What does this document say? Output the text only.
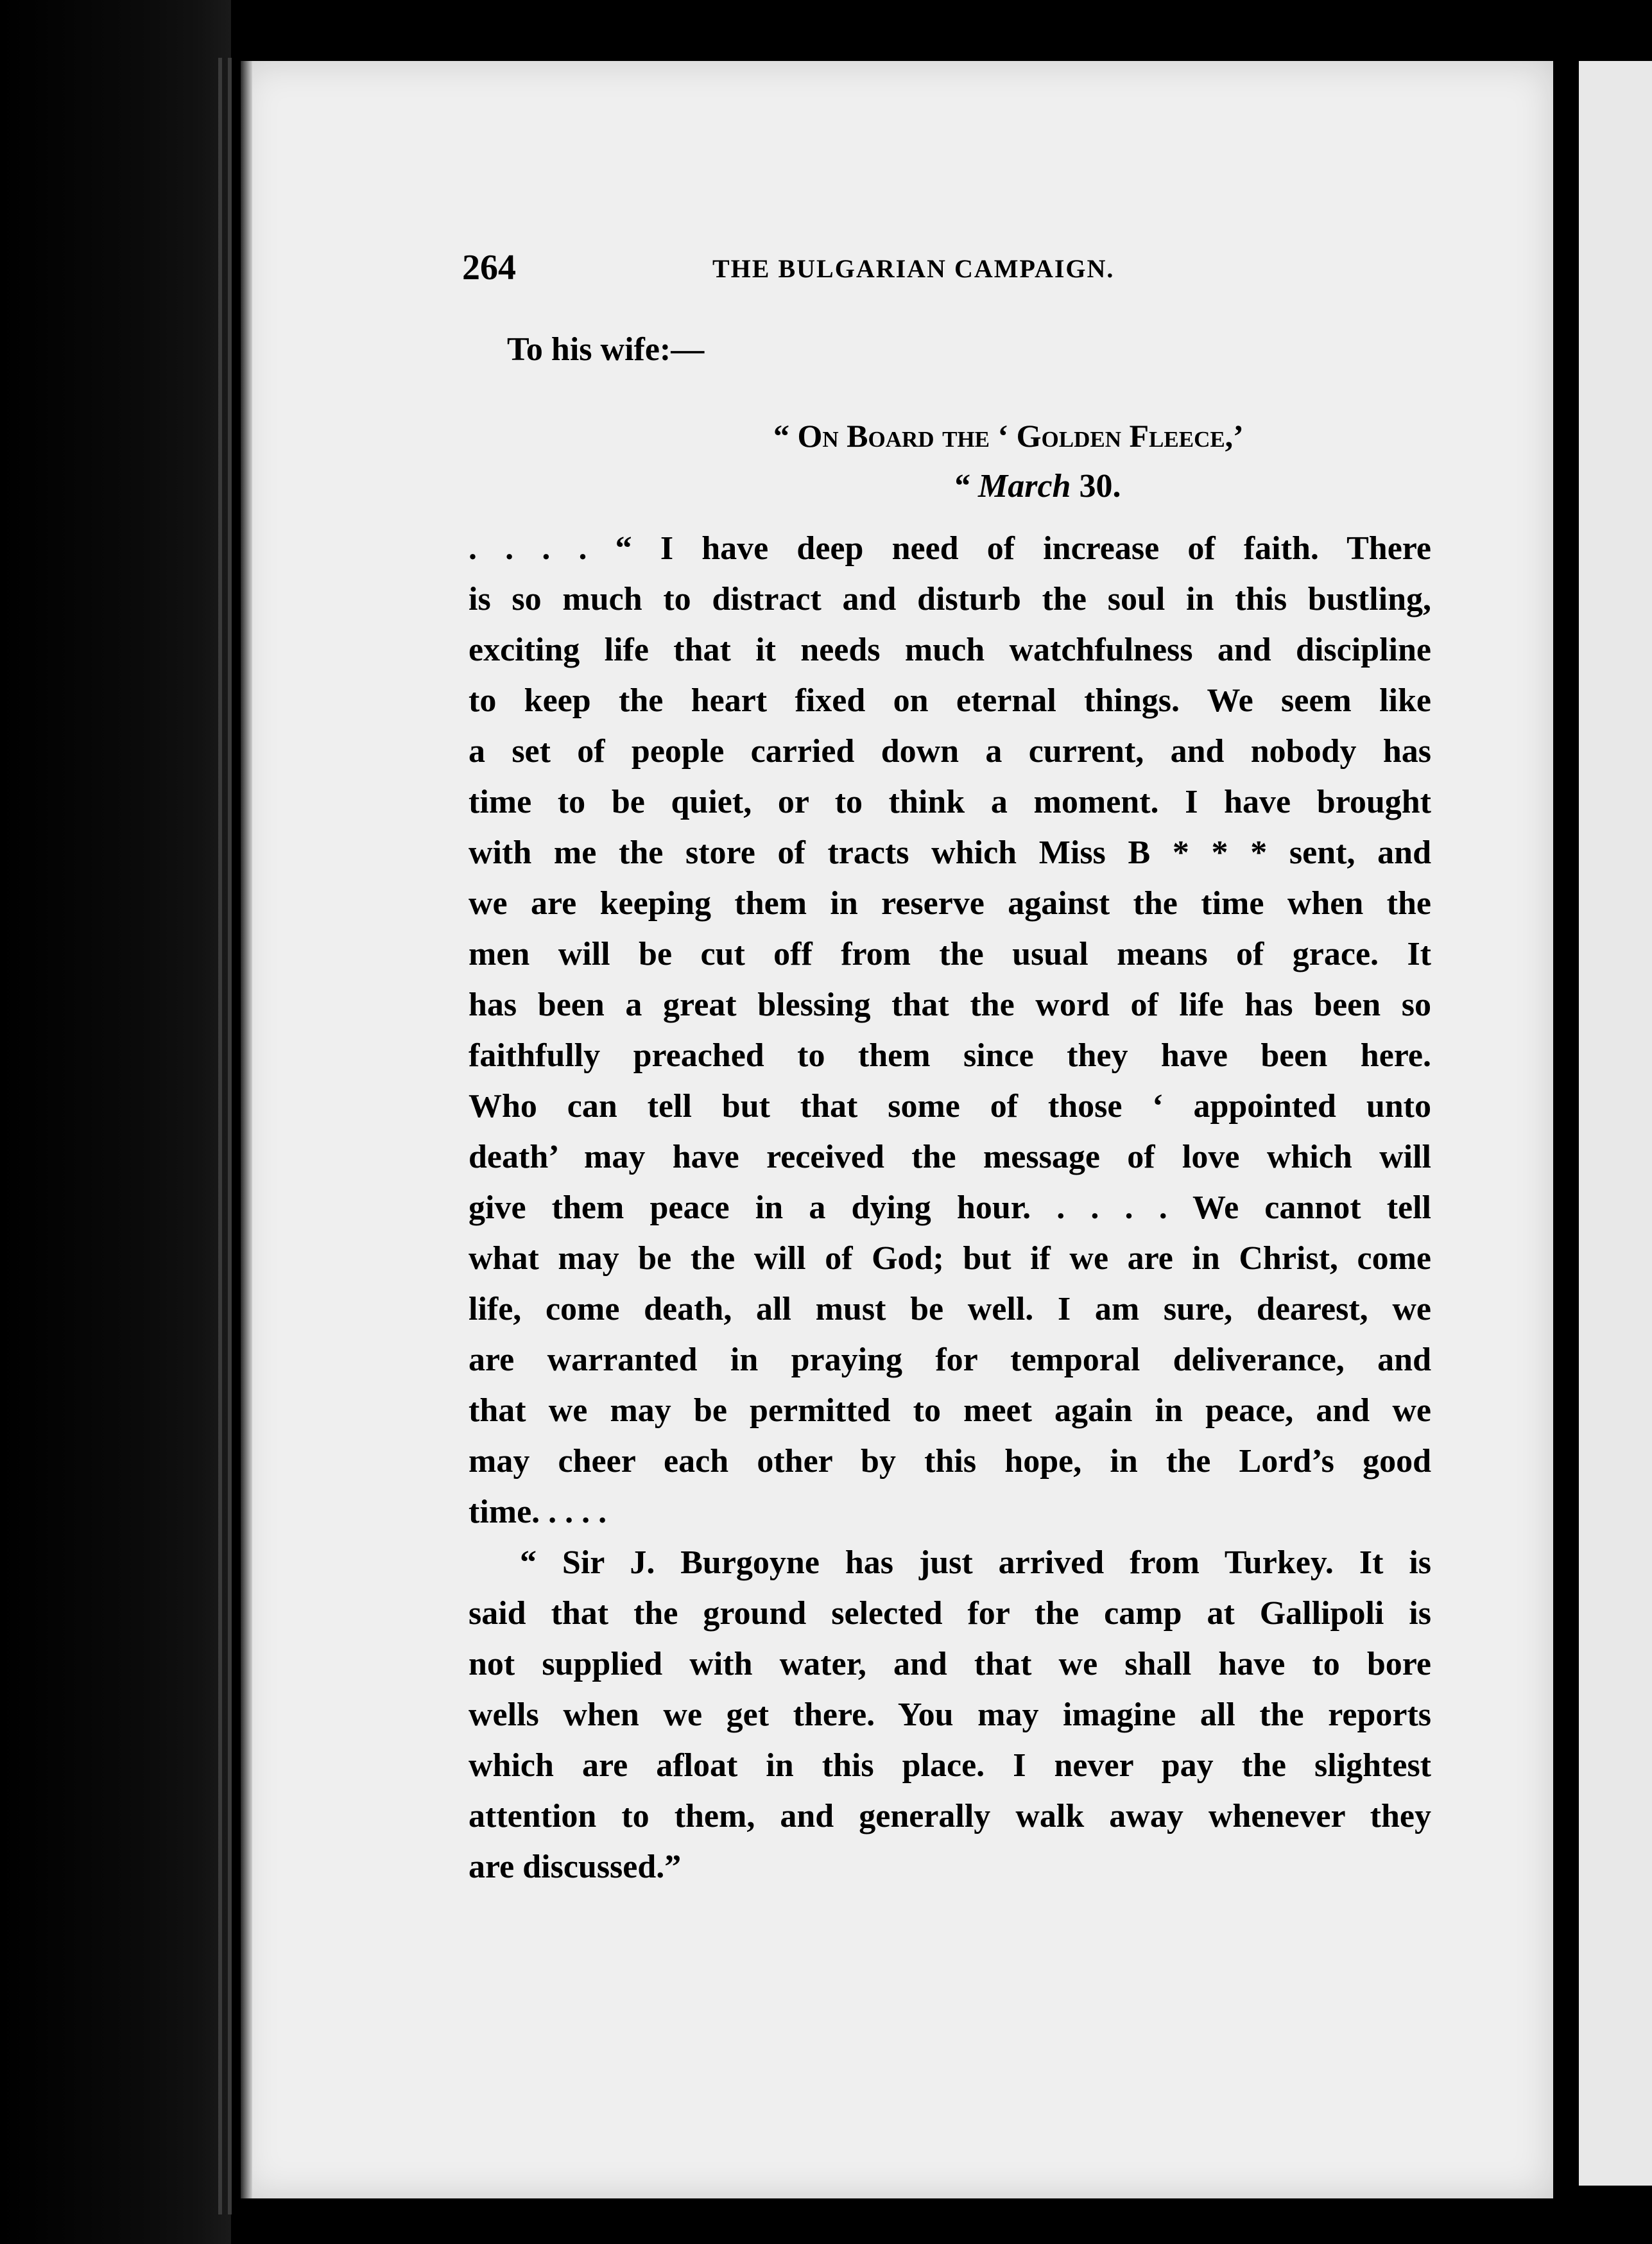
264	THE BULGARIAN CAMPAIGN.
To his wife:—
“ On Board the ‘ Golden Fleece,’
“ March 30.
. . . . “ I have deep need of increase of faith. There
is so much to distract and disturb the soul in this bustling,
exciting life that it needs much watchfulness and discipline
to keep the heart fixed on eternal things. We seem like
a set of people carried down a current, and nobody has
time to be quiet, or to think a moment. I have brought
with me the store of tracts which Miss B * * * sent, and
we are keeping them in reserve against the time when the
men will be cut off from the usual means of grace. It
has been a great blessing that the word of life has been so
faithfully preached to them since they have been here.
Who can tell but that some of those ‘ appointed unto
death’ may have received the message of love which will
give them peace in a dying hour. . . . . We cannot tell
what may be the will of God; but if we are in Christ, come
life, come death, all must be well. I am sure, dearest, we
are warranted in praying for temporal deliverance, and
that we may be permitted to meet again in peace, and we
may cheer each other by this hope, in the Lord’s good
time. . . . .
“ Sir J. Burgoyne has just arrived from Turkey. It is
said that the ground selected for the camp at Gallipoli is
not supplied with water, and that we shall have to bore
wells when we get there. You may imagine all the reports
which are afloat in this place. I never pay the slightest
attention to them, and generally walk away whenever they
are discussed.”
